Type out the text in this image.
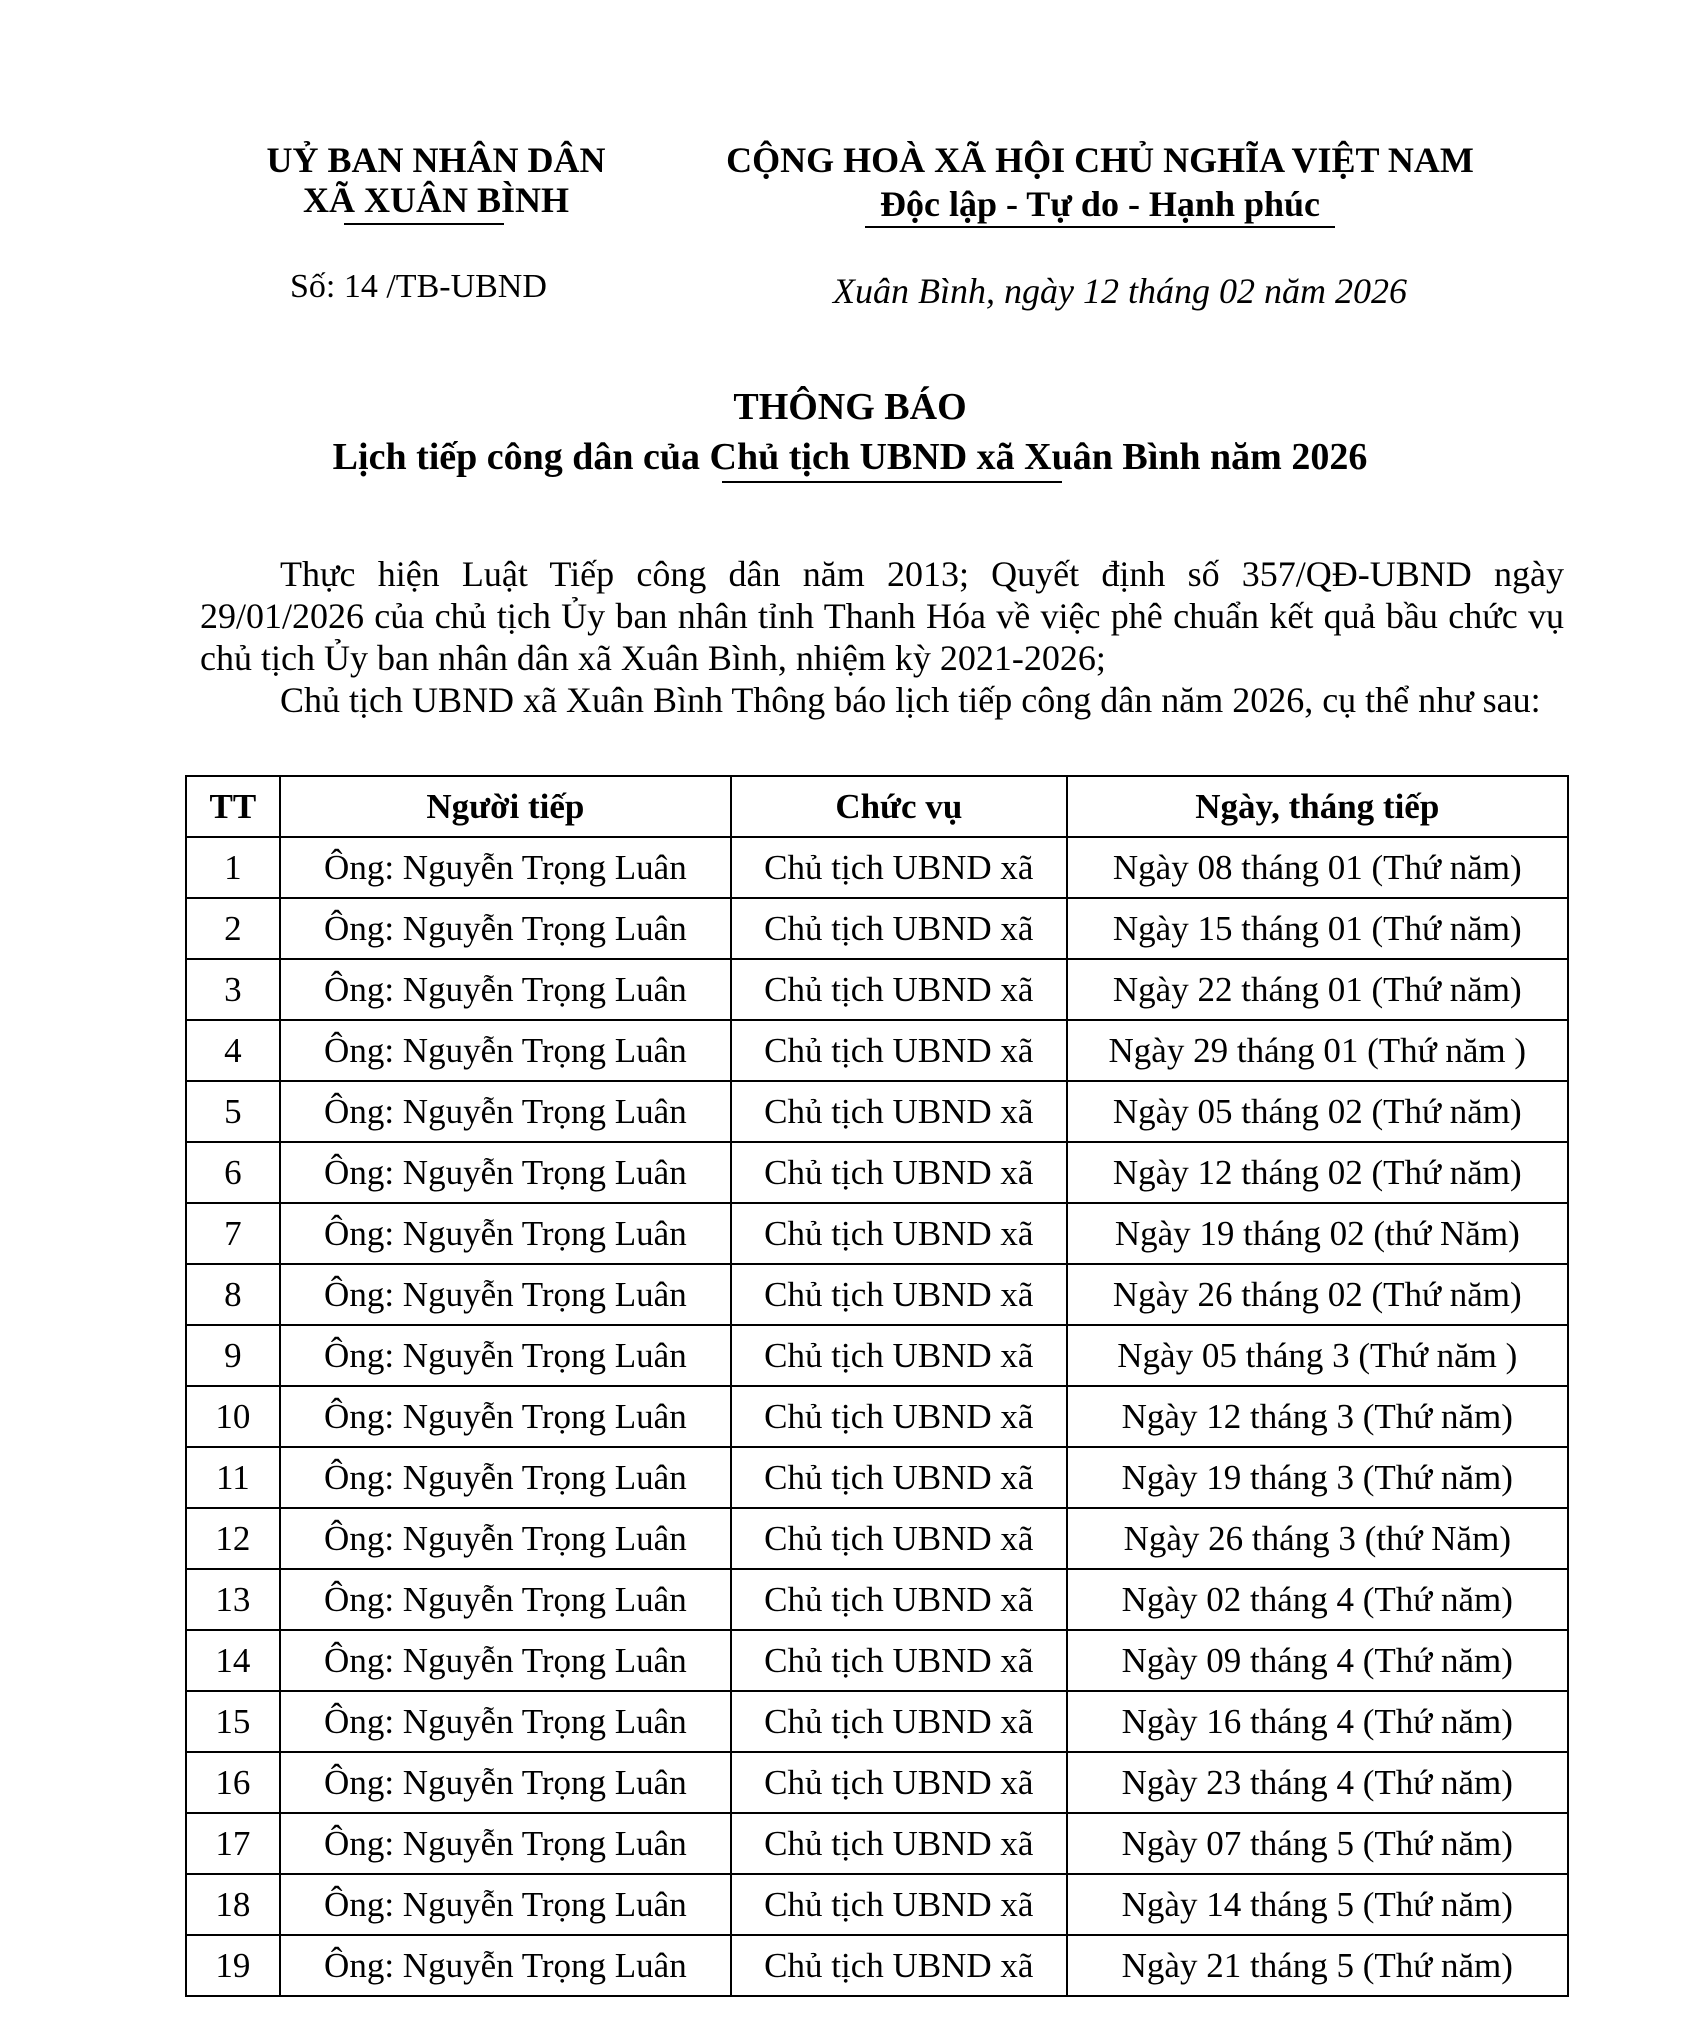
UỶ BAN NHÂN DÂN
XÃ XUÂN BÌNH
CỘNG HOÀ XÃ HỘI CHỦ NGHĨA VIỆT NAM
Độc lập - Tự do - Hạnh phúc
Số: 14 /TB-UBND	Xuân Bình, ngày 12 tháng 02 năm 2026
THÔNG BÁO
Lịch tiếp công dân của Chủ tịch UBND xã Xuân Bình năm 2026

Thực hiện Luật Tiếp công dân năm 2013; Quyết định số 357/QĐ-UBND ngày 29/01/2026 của chủ tịch Ủy ban nhân tỉnh Thanh Hóa về việc phê chuẩn kết quả bầu chức vụ chủ tịch Ủy ban nhân dân xã Xuân Bình, nhiệm kỳ 2021-2026;

Chủ tịch UBND xã Xuân Bình Thông báo lịch tiếp công dân năm 2026, cụ thể như sau:

TT	Người tiếp	Chức vụ	Ngày, tháng tiếp
1	Ông: Nguyễn Trọng Luân	Chủ tịch UBND xã	Ngày 08 tháng 01 (Thứ năm)
2	Ông: Nguyễn Trọng Luân	Chủ tịch UBND xã	Ngày 15 tháng 01 (Thứ năm)
3	Ông: Nguyễn Trọng Luân	Chủ tịch UBND xã	Ngày 22 tháng 01 (Thứ năm)
4	Ông: Nguyễn Trọng Luân	Chủ tịch UBND xã	Ngày 29 tháng 01 (Thứ năm )
5	Ông: Nguyễn Trọng Luân	Chủ tịch UBND xã	Ngày 05 tháng 02 (Thứ năm)
6	Ông: Nguyễn Trọng Luân	Chủ tịch UBND xã	Ngày 12 tháng 02 (Thứ năm)
7	Ông: Nguyễn Trọng Luân	Chủ tịch UBND xã	Ngày 19 tháng 02 (thứ Năm)
8	Ông: Nguyễn Trọng Luân	Chủ tịch UBND xã	Ngày 26 tháng 02 (Thứ năm)
9	Ông: Nguyễn Trọng Luân	Chủ tịch UBND xã	Ngày 05 tháng 3 (Thứ năm )
10	Ông: Nguyễn Trọng Luân	Chủ tịch UBND xã	Ngày 12 tháng 3 (Thứ năm)
11	Ông: Nguyễn Trọng Luân	Chủ tịch UBND xã	Ngày 19 tháng 3 (Thứ năm)
12	Ông: Nguyễn Trọng Luân	Chủ tịch UBND xã	Ngày 26 tháng 3 (thứ Năm)
13	Ông: Nguyễn Trọng Luân	Chủ tịch UBND xã	Ngày 02 tháng 4 (Thứ năm)
14	Ông: Nguyễn Trọng Luân	Chủ tịch UBND xã	Ngày 09 tháng 4 (Thứ năm)
15	Ông: Nguyễn Trọng Luân	Chủ tịch UBND xã	Ngày 16 tháng 4 (Thứ năm)
16	Ông: Nguyễn Trọng Luân	Chủ tịch UBND xã	Ngày 23 tháng 4 (Thứ năm)
17	Ông: Nguyễn Trọng Luân	Chủ tịch UBND xã	Ngày 07 tháng 5 (Thứ năm)
18	Ông: Nguyễn Trọng Luân	Chủ tịch UBND xã	Ngày 14 tháng 5 (Thứ năm)
19	Ông: Nguyễn Trọng Luân	Chủ tịch UBND xã	Ngày 21 tháng 5 (Thứ năm)
